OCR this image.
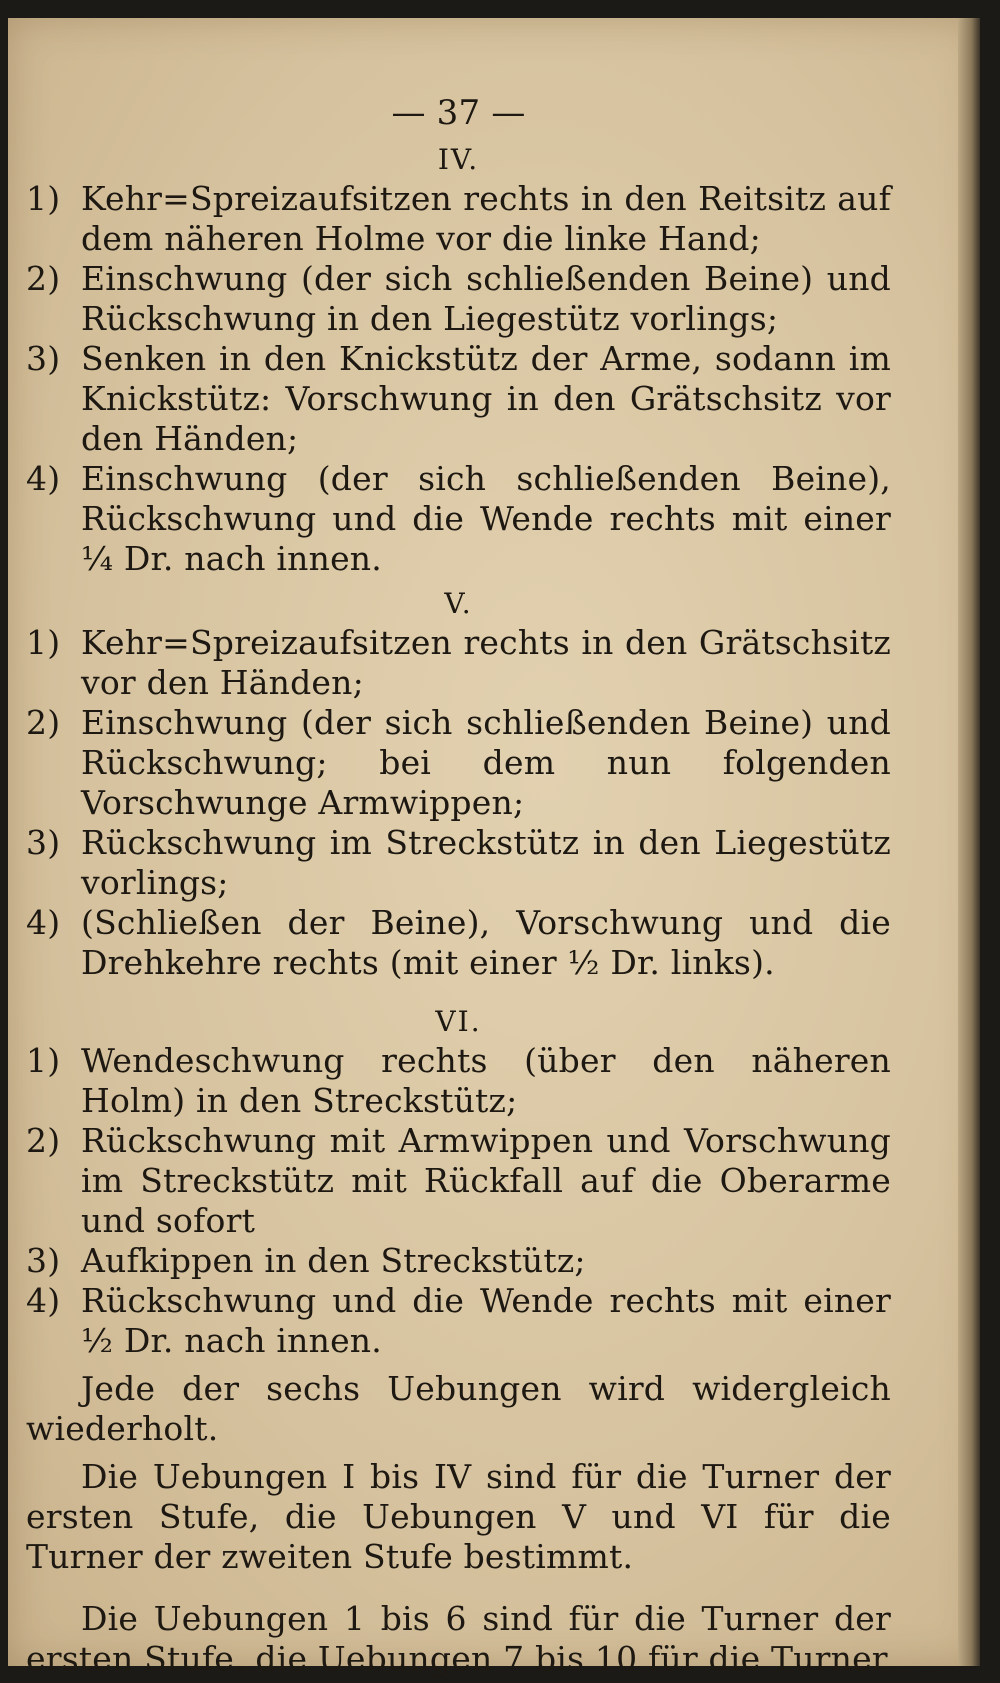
— 37 —
IV.
1) Kehr=Spreizaufsitzen rechts in den Reitsitz auf dem näheren Holme vor die linke Hand;
2) Einschwung (der sich schließenden Beine) und Rückschwung in den Liegestütz vorlings;
3) Senken in den Knickstütz der Arme, sodann im Knickstütz: Vorschwung in den Grätschsitz vor den Händen;
4) Einschwung (der sich schließenden Beine), Rückschwung und die Wende rechts mit einer ¼ Dr. nach innen.
V.
1) Kehr=Spreizaufsitzen rechts in den Grätschsitz vor den Händen;
2) Einschwung (der sich schließenden Beine) und Rückschwung; bei dem nun folgenden Vorschwunge Armwippen;
3) Rückschwung im Streckstütz in den Liegestütz vorlings;
4) (Schließen der Beine), Vorschwung und die Drehkehre rechts (mit einer ½ Dr. links).
VI.
1) Wendeschwung rechts (über den näheren Holm) in den Streckstütz;
2) Rückschwung mit Armwippen und Vorschwung im Streckstütz mit Rückfall auf die Oberarme und sofort
3) Aufkippen in den Streckstütz;
4) Rückschwung und die Wende rechts mit einer ½ Dr. nach innen.
Jede der sechs Uebungen wird widergleich wiederholt.
Die Uebungen I bis IV sind für die Turner der ersten Stufe, die Uebungen V und VI für die Turner der zweiten Stufe bestimmt.
Die Uebungen 1 bis 6 sind für die Turner der ersten Stufe, die Uebungen 7 bis 10 für die Turner
